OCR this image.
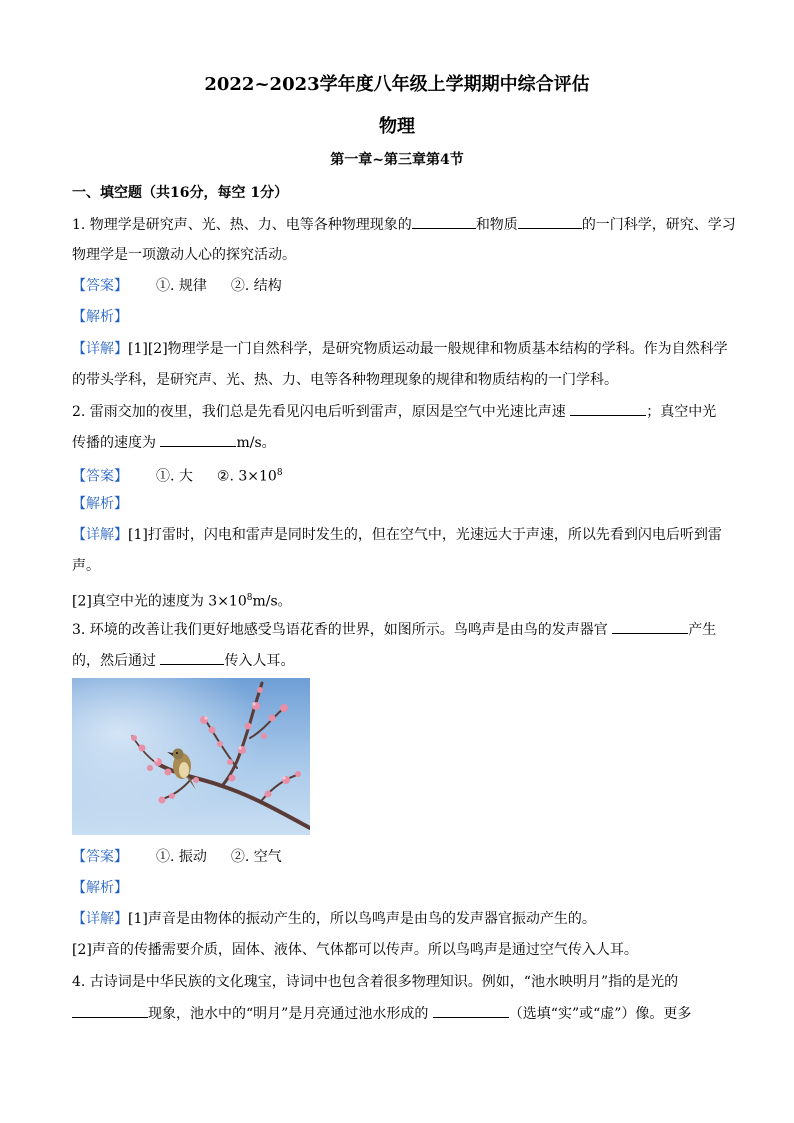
2022~2023学年度八年级上学期期中综合评估
物理
第一章~第三章第4节
一、填空题（共16分，每空 1分）
1. 物理学是研究声、光、热、力、电等各种物理现象的	和物质	的一门科学，研究、学习
物理学是一项激动人心的探究活动。
【答案】 ①. 规律 ②. 结构
【解析】
【详解】[1][2]物理学是一门自然科学，是研究物质运动最一般规律和物质基本结构的学科。作为自然科学
的带头学科，是研究声、光、热、力、电等各种物理现象的规律和物质结构的一门学科。
2. 雷雨交加的夜里，我们总是先看见闪电后听到雷声，原因是空气中光速比声速	；真空中光
传播的速度为	m/s。
【答案】 ①. 大 ②. $3\times 10^8$
【解析】
【详解】[1]打雷时，闪电和雷声是同时发生的，但在空气中，光速远大于声速，所以先看到闪电后听到雷
声。
[2]真空中光的速度为 $3\times 10^8m/s$。
3. 环境的改善让我们更好地感受鸟语花香的世界，如图所示。鸟鸣声是由鸟的发声器官	产生
的，然后通过	传入人耳。
【答案】 ①. 振动 ②. 空气
【解析】
【详解】[1]声音是由物体的振动产生的，所以鸟鸣声是由鸟的发声器官振动产生的。
[2]声音的传播需要介质，固体、液体、气体都可以传声。所以鸟鸣声是通过空气传入人耳。
4. 古诗词是中华民族的文化瑰宝，诗词中也包含着很多物理知识。例如，“池水映明月”指的是光的
现象，池水中的“明月”是月亮通过池水形成的	（选填“实”或“虚”）像。更多
